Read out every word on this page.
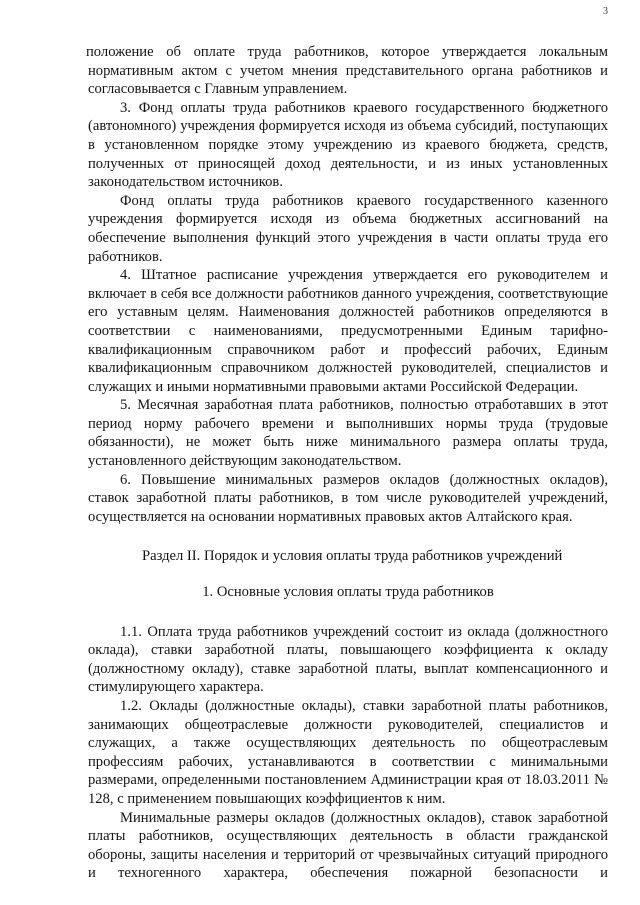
3

положение об оплате труда работников, которое утверждается локальным нормативным актом с учетом мнения представительного органа работников и согласовывается с Главным управлением.

3. Фонд оплаты труда работников краевого государственного бюджетного (автономного) учреждения формируется исходя из объема субсидий, поступающих в установленном порядке этому учреждению из краевого бюджета, средств, полученных от приносящей доход деятельности, и из иных установленных законодательством источников.

Фонд оплаты труда работников краевого государственного казенного учреждения формируется исходя из объема бюджетных ассигнований на обеспечение выполнения функций этого учреждения в части оплаты труда его работников.

4. Штатное расписание учреждения утверждается его руководителем и включает в себя все должности работников данного учреждения, соответствующие его уставным целям. Наименования должностей работников определяются в соответствии с наименованиями, предусмотренными Единым тарифно-квалификационным справочником работ и профессий рабочих, Единым квалификационным справочником должностей руководителей, специалистов и служащих и иными нормативными правовыми актами Российской Федерации.

5. Месячная заработная плата работников, полностью отработавших в этот период норму рабочего времени и выполнивших нормы труда (трудовые обязанности), не может быть ниже минимального размера оплаты труда, установленного действующим законодательством.

6. Повышение минимальных размеров окладов (должностных окладов), ставок заработной платы работников, в том числе руководителей учреждений, осуществляется на основании нормативных правовых актов Алтайского края.

Раздел II. Порядок и условия оплаты труда работников учреждений

1. Основные условия оплаты труда работников

1.1. Оплата труда работников учреждений состоит из оклада (должностного оклада), ставки заработной платы, повышающего коэффициента к окладу (должностному окладу), ставке заработной платы, выплат компенсационного и стимулирующего характера.

1.2. Оклады (должностные оклады), ставки заработной платы работников, занимающих общеотраслевые должности руководителей, специалистов и служащих, а также осуществляющих деятельность по общеотраслевым профессиям рабочих, устанавливаются в соответствии с минимальными размерами, определенными постановлением Администрации края от 18.03.2011 № 128, с применением повышающих коэффициентов к ним.

Минимальные размеры окладов (должностных окладов), ставок заработной платы работников, осуществляющих деятельность в области гражданской обороны, защиты населения и территорий от чрезвычайных ситуаций природного и техногенного характера, обеспечения пожарной безопасности и
